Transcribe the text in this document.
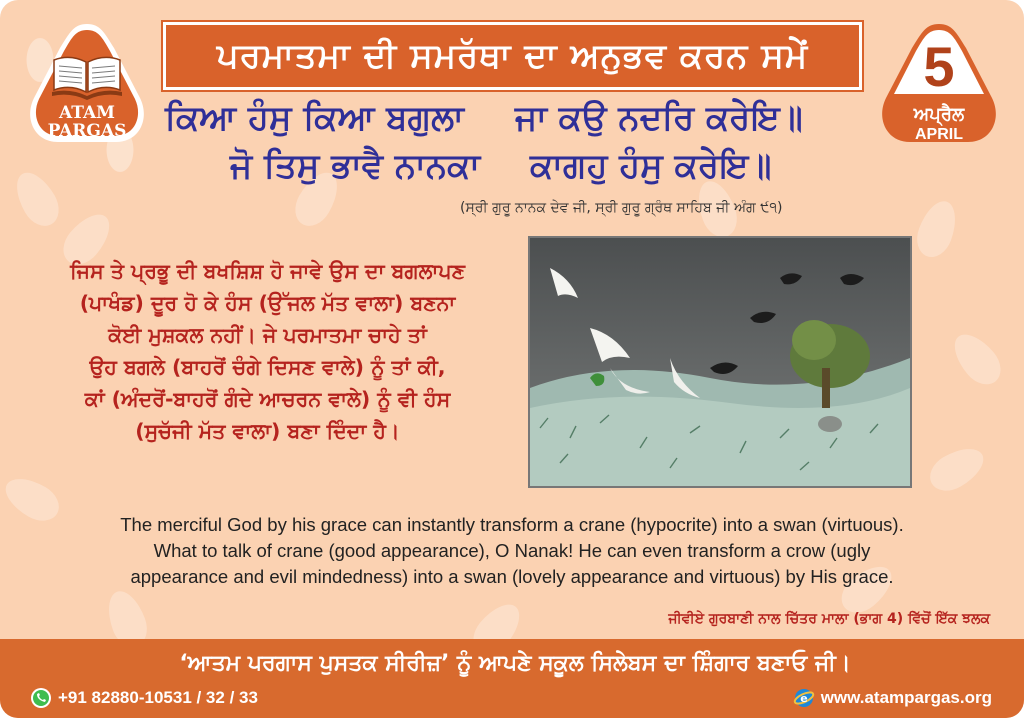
ATAM
PARGAS
ਪਰਮਾਤਮਾ ਦੀ ਸਮਰੱਥਾ ਦਾ ਅਨੁਭਵ ਕਰਨ ਸਮੇਂ	5
ਅਪ੍ਰੈਲ
APRIL
ਕਿਆ ਹੰਸੁ ਕਿਆ ਬਗੁਲਾ ਜਾ ਕਉ ਨਦਰਿ ਕਰੇਇ॥
ਜੋ ਤਿਸੁ ਭਾਵੈ ਨਾਨਕਾ ਕਾਗਹੁ ਹੰਸੁ ਕਰੇਇ॥
(ਸ੍ਰੀ ਗੁਰੂ ਨਾਨਕ ਦੇਵ ਜੀ, ਸ੍ਰੀ ਗੁਰੂ ਗ੍ਰੰਥ ਸਾਹਿਬ ਜੀ ਅੰਗ ੯੧)
ਜਿਸ ਤੇ ਪ੍ਰਭੂ ਦੀ ਬਖਸ਼ਿਸ਼ ਹੋ ਜਾਵੇ ਉਸ ਦਾ ਬਗਲਾਪਣ
(ਪਾਖੰਡ) ਦੂਰ ਹੋ ਕੇ ਹੰਸ (ਉੱਜਲ ਮੱਤ ਵਾਲਾ) ਬਣਨਾ
ਕੋਈ ਮੁਸ਼ਕਲ ਨਹੀਂ। ਜੇ ਪਰਮਾਤਮਾ ਚਾਹੇ ਤਾਂ
ਉਹ ਬਗਲੇ (ਬਾਹਰੋਂ ਚੰਗੇ ਦਿਸਣ ਵਾਲੇ) ਨੂੰ ਤਾਂ ਕੀ,
ਕਾਂ (ਅੰਦਰੋਂ-ਬਾਹਰੋਂ ਗੰਦੇ ਆਚਰਨ ਵਾਲੇ) ਨੂੰ ਵੀ ਹੰਸ
(ਸੁਚੱਜੀ ਮੱਤ ਵਾਲਾ) ਬਣਾ ਦਿੰਦਾ ਹੈ।
The merciful God by his grace can instantly transform a crane (hypocrite) into a swan (virtuous).
What to talk of crane (good appearance), O Nanak! He can even transform a crow (ugly
appearance and evil mindedness) into a swan (lovely appearance and virtuous) by His grace.
ਜੀਵੀਏ ਗੁਰਬਾਣੀ ਨਾਲ ਚਿੱਤਰ ਮਾਲਾ (ਭਾਗ 4) ਵਿੱਚੋਂ ਇੱਕ ਝਲਕ
‘ਆਤਮ ਪਰਗਾਸ ਪੁਸਤਕ ਸੀਰੀਜ਼’ ਨੂੰ ਆਪਣੇ ਸਕੂਲ ਸਿਲੇਬਸ ਦਾ ਸ਼ਿੰਗਾਰ ਬਣਾਓ ਜੀ।
+91 82880-10531 / 32 / 33	e www.atampargas.org
